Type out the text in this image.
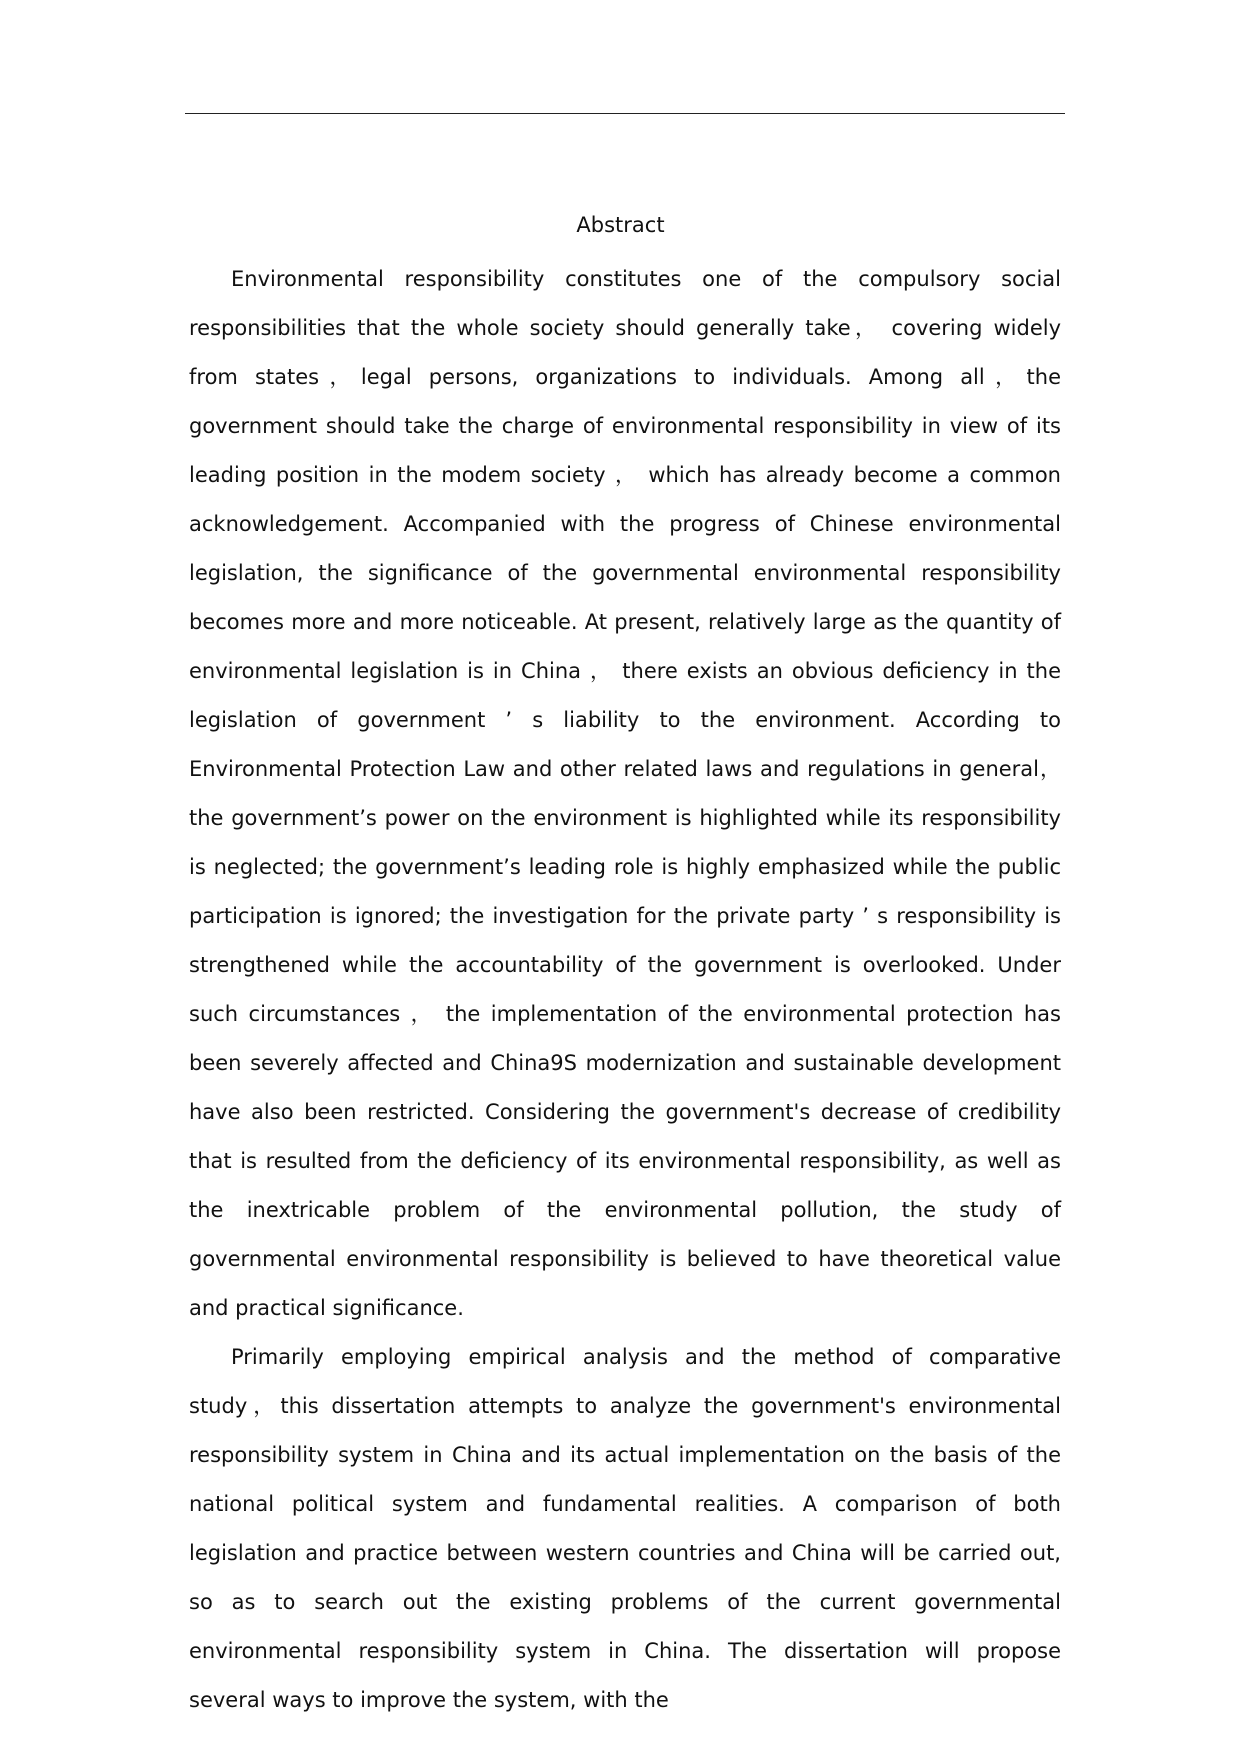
Abstract

Environmental responsibility constitutes one of the compulsory social responsibilities that the whole society should generally take， covering widely from states，legal persons, organizations to individuals. Among all，the government should take the charge of environmental responsibility in view of its leading position in the modem society ， which has already become a common acknowledgement. Accompanied with the progress of Chinese environmental legislation, the significance of the governmental environmental responsibility becomes more and more noticeable. At present, relatively large as the quantity of environmental legislation is in China ， there exists an obvious deficiency in the legislation of government ’ s liability to the environment. According to Environmental Protection Law and other related laws and regulations in general，the government’s power on the environment is highlighted while its responsibility is neglected; the government’s leading role is highly emphasized while the public participation is ignored; the investigation for the private party ’ s responsibility is strengthened while the accountability of the government is overlooked. Under such circumstances ， the implementation of the environmental protection has been severely affected and China9S modernization and sustainable development have also been restricted. Considering the government's decrease of credibility that is resulted from the deficiency of its environmental responsibility, as well as the inextricable problem of the environmental pollution, the study of governmental environmental responsibility is believed to have theoretical value and practical significance.

Primarily employing empirical analysis and the method of comparative study，this dissertation attempts to analyze the government's environmental responsibility system in China and its actual implementation on the basis of the national political system and fundamental realities. A comparison of both legislation and practice between western countries and China will be carried out, so as to search out the existing problems of the current governmental environmental responsibility system in China. The dissertation will propose several ways to improve the system, with the
